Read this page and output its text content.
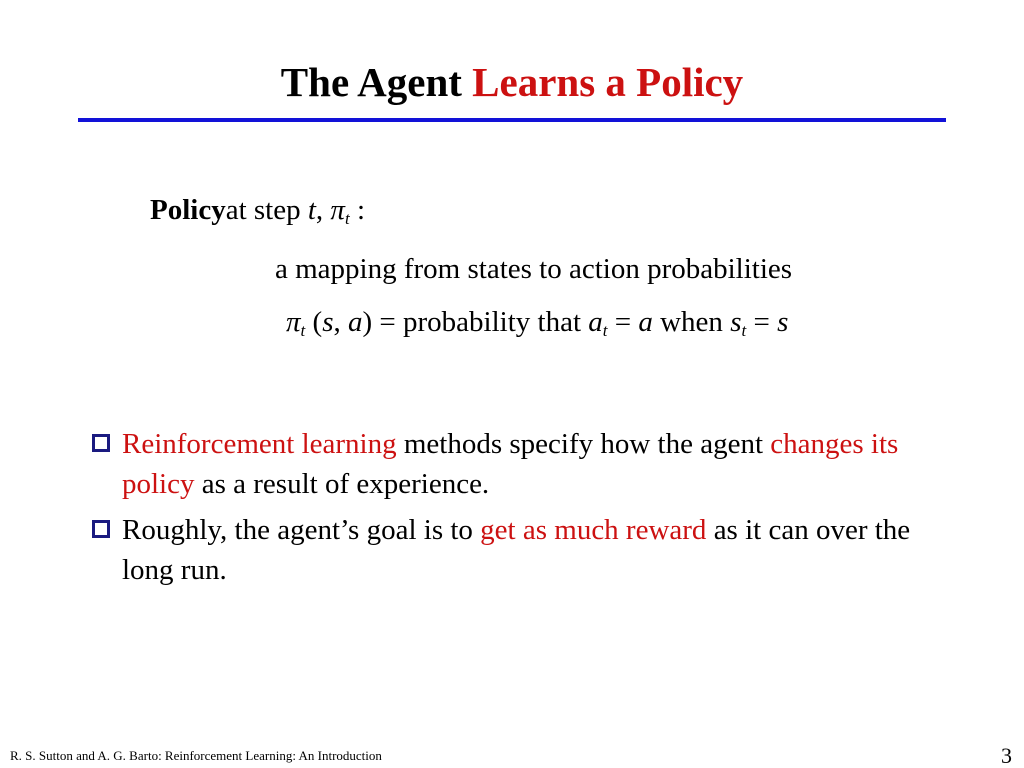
The Agent Learns a Policy
Policyat step t, $\pi_t$ :
a mapping from states to action probabilities
$\pi_t$ (s, a) = probability that $a_t = a$ when $s_t = s$
Reinforcement learning methods specify how the agent changes its policy as a result of experience.
Roughly, the agent’s goal is to get as much reward as it can over the long run.
R. S. Sutton and A. G. Barto: Reinforcement Learning: An Introduction	3
